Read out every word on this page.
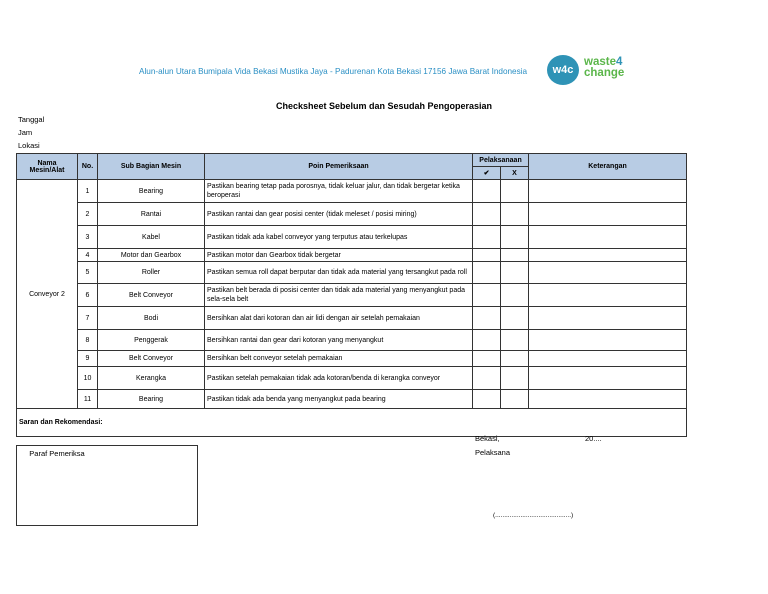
Alun-alun Utara Bumipala Vida Bekasi Mustika Jaya - Padurenan Kota Bekasi 17156 Jawa Barat Indonesia	w4c
waste4
change
Checksheet Sebelum dan Sesudah Pengoperasian
Tanggal
Jam
Lokasi
Nama Mesin/Alat	No.	Sub Bagian Mesin	Poin Pemeriksaan	Pelaksanaan		Keterangan
				✔	X	
Conveyor 2	1	Bearing	Pastikan bearing tetap pada porosnya, tidak keluar jalur, dan tidak bergetar ketika beroperasi			
	2	Rantai	Pastikan rantai dan gear posisi center (tidak meleset / posisi miring)			
	3	Kabel	Pastikan tidak ada kabel conveyor yang terputus atau terkelupas			
	4	Motor dan Gearbox	Pastikan motor dan Gearbox tidak bergetar			
	5	Roller	Pastikan semua roll dapat berputar dan tidak ada material yang tersangkut pada roll			
	6	Belt Conveyor	Pastikan belt berada di posisi center dan tidak ada material yang menyangkut pada sela-sela belt			
	7	Bodi	Bersihkan alat dari kotoran dan air lidi dengan air setelah pemakaian			
	8	Penggerak	Bersihkan rantai dan gear dari kotoran yang menyangkut			
	9	Belt Conveyor	Bersihkan belt conveyor setelah pemakaian			
	10	Kerangka	Pastikan setelah pemakaian tidak ada kotoran/benda di kerangka conveyor			
	11	Bearing	Pastikan tidak ada benda yang menyangkut pada bearing			
Saran dan Rekomendasi:						
Bekasi,	20....
Pelaksana
(..........................................)
Paraf Pemeriksa
